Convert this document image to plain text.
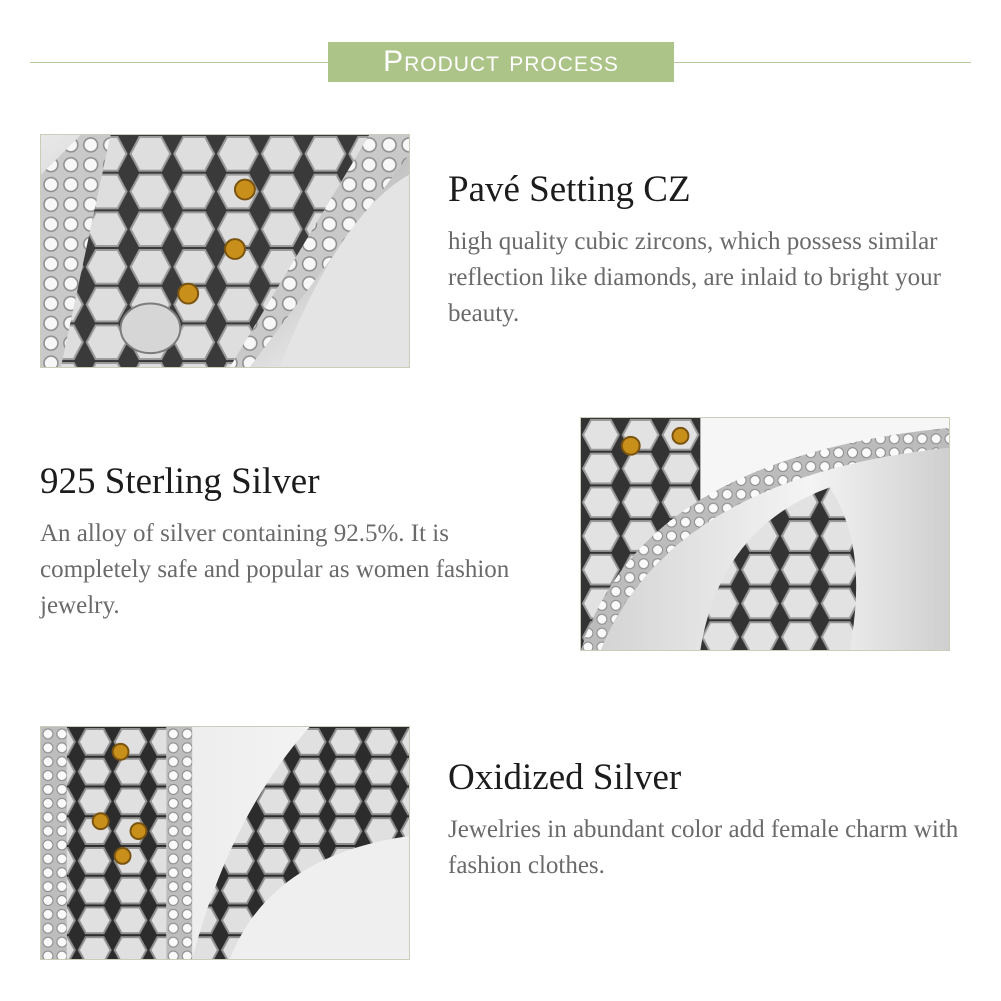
Product process
Pavé Setting CZ

high quality cubic zircons, which possess similar reflection like diamonds, are inlaid to bright your beauty.

925 Sterling Silver

An alloy of silver containing 92.5%. It is completely safe and popular as women fashion jewelry.

Oxidized Silver

Jewelries in abundant color add female charm with fashion clothes.
